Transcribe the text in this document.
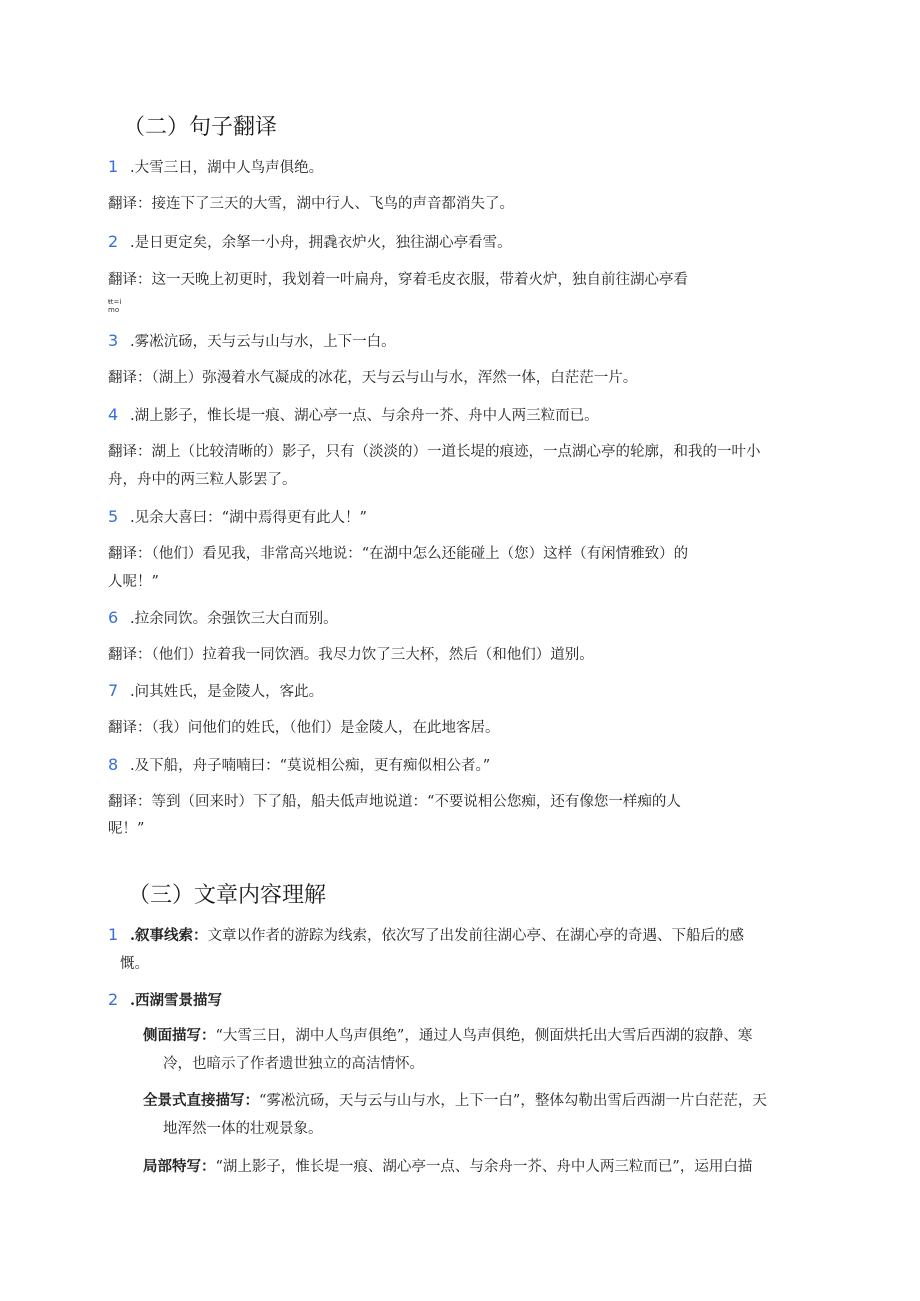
（二）句子翻译

1 .大雪三日，湖中人鸟声俱绝。

翻译：接连下了三天的大雪，湖中行人、飞鸟的声音都消失了。

2 .是日更定矣，余拏一小舟，拥毳衣炉火，独往湖心亭看雪。

翻译：这一天晚上初更时，我划着一叶扁舟，穿着毛皮衣服，带着火炉，独自前往湖心亭看

ŧt=i
mo

3 .雾凇沆砀，天与云与山与水，上下一白。

翻译：（湖上）弥漫着水气凝成的冰花，天与云与山与水，浑然一体，白茫茫一片。

4 .湖上影子，惟长堤一痕、湖心亭一点、与余舟一芥、舟中人两三粒而已。

翻译：湖上（比较清晰的）影子，只有（淡淡的）一道长堤的痕迹，一点湖心亭的轮廓，和我的一叶小

舟，舟中的两三粒人影罢了。

5 .见余大喜曰：“湖中焉得更有此人！”

翻译：（他们）看见我，非常高兴地说：“在湖中怎么还能碰上（您）这样（有闲情雅致）的

人呢！”

6 .拉余同饮。余强饮三大白而别。

翻译：（他们）拉着我一同饮酒。我尽力饮了三大杯，然后（和他们）道别。

7 .问其姓氏，是金陵人，客此。

翻译：（我）问他们的姓氏，（他们）是金陵人，在此地客居。

8 .及下船，舟子喃喃曰：“莫说相公痴，更有痴似相公者。”

翻译：等到（回来时）下了船，船夫低声地说道：“不要说相公您痴，还有像您一样痴的人

呢！”

（三）文章内容理解
1 .叙事线索：文章以作者的游踪为线索，依次写了出发前往湖心亭、在湖心亭的奇遇、下船后的感
慨。

2 .西湖雪景描写

侧面描写：“大雪三日，湖中人鸟声俱绝”，通过人鸟声俱绝，侧面烘托出大雪后西湖的寂静、寒
冷，也暗示了作者遗世独立的高洁情怀。
全景式直接描写：“雾凇沆砀，天与云与山与水，上下一白”，整体勾勒出雪后西湖一片白茫茫，天
地浑然一体的壮观景象。
局部特写：“湖上影子，惟长堤一痕、湖心亭一点、与余舟一芥、舟中人两三粒而已”，运用白描
